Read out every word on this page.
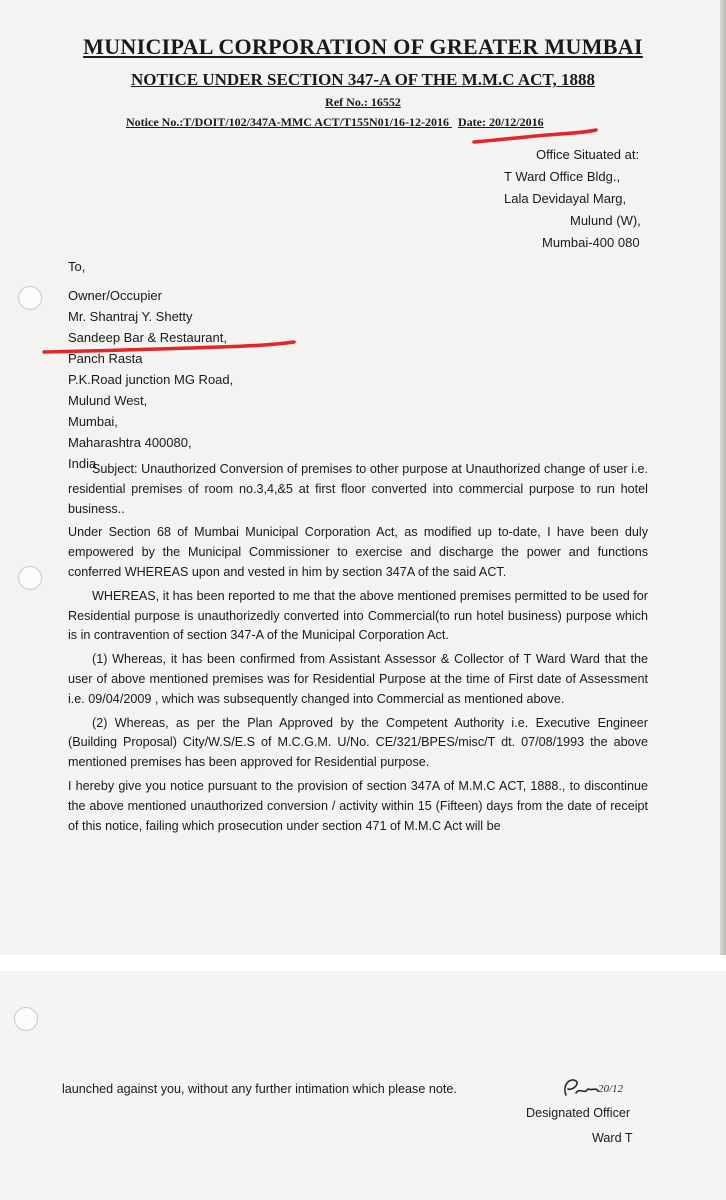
MUNICIPAL CORPORATION OF GREATER MUMBAI
NOTICE UNDER SECTION 347-A OF THE M.M.C ACT, 1888
Ref No.: 16552
Notice No.:T/DOIT/102/347A-MMC ACT/T155N01/16-12-2016 Date: 20/12/2016
Office Situated at:
T Ward Office Bldg.,
Lala Devidayal Marg,
Mulund (W),
Mumbai-400 080
To,
Owner/Occupier
Mr. Shantraj Y. Shetty
Sandeep Bar & Restaurant,
Panch Rasta
P.K.Road junction MG Road,
Mulund West,
Mumbai,
Maharashtra 400080,
India

Subject: Unauthorized Conversion of premises to other purpose at Unauthorized change of user i.e. residential premises of room no.3,4,&5 at first floor converted into commercial purpose to run hotel business..

Under Section 68 of Mumbai Municipal Corporation Act, as modified up to-date, I have been duly empowered by the Municipal Commissioner to exercise and discharge the power and functions conferred WHEREAS upon and vested in him by section 347A of the said ACT.

WHEREAS, it has been reported to me that the above mentioned premises permitted to be used for Residential purpose is unauthorizedly converted into Commercial(to run hotel business) purpose which is in contravention of section 347-A of the Municipal Corporation Act.

(1) Whereas, it has been confirmed from Assistant Assessor & Collector of T Ward Ward that the user of above mentioned premises was for Residential Purpose at the time of First date of Assessment i.e. 09/04/2009 , which was subsequently changed into Commercial as mentioned above.

(2) Whereas, as per the Plan Approved by the Competent Authority i.e. Executive Engineer (Building Proposal) City/W.S/E.S of M.C.G.M. U/No. CE/321/BPES/misc/T dt. 07/08/1993 the above mentioned premises has been approved for Residential purpose.

I hereby give you notice pursuant to the provision of section 347A of M.M.C ACT, 1888., to discontinue the above mentioned unauthorized conversion / activity within 15 (Fifteen) days from the date of receipt of this notice, failing which prosecution under section 471 of M.M.C Act will be

launched against you, without any further intimation which please note.	20/12
Designated Officer
Ward T
